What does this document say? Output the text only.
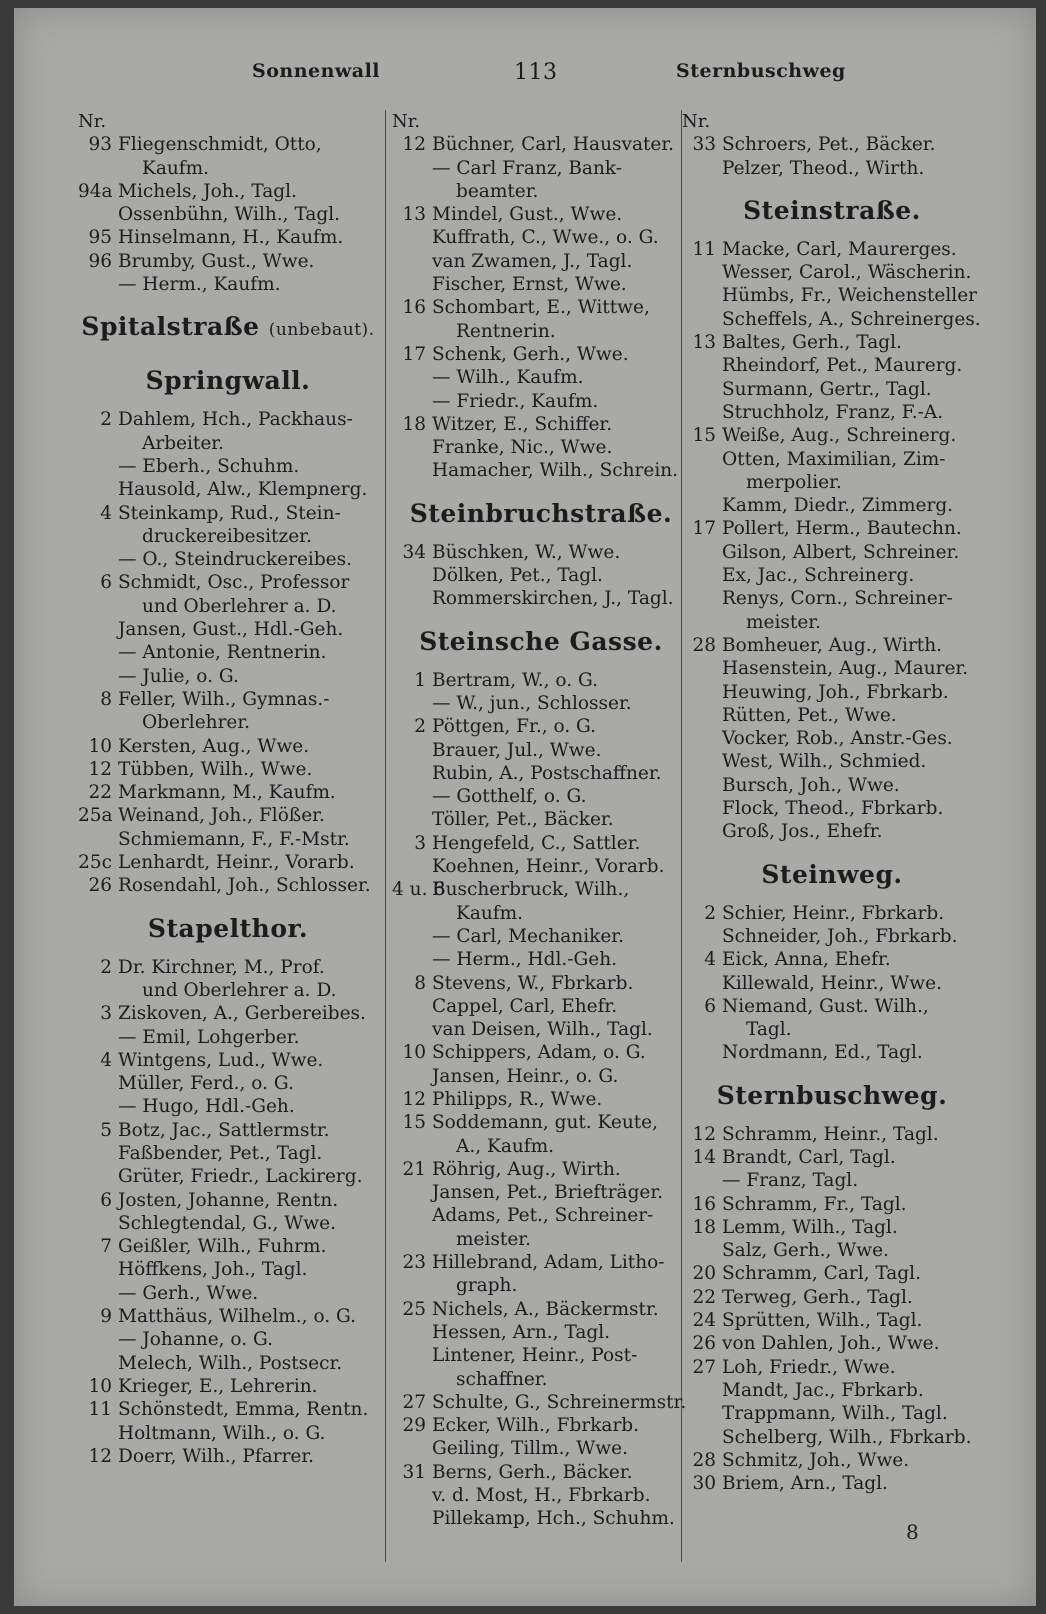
Sonnenwall	113	Sternbuschweg
Nr.
93 Fliegenschmidt, Otto,
Kaufm.
94a Michels, Joh., Tagl.
Ossenbühn, Wilh., Tagl.
95 Hinselmann, H., Kaufm.
96 Brumby, Gust., Wwe.
— Herm., Kaufm.
Spitalstraße (unbebaut).
Springwall.
2 Dahlem, Hch., Packhaus-
Arbeiter.
— Eberh., Schuhm.
Hausold, Alw., Klempnerg.
4 Steinkamp, Rud., Stein-
druckereibesitzer.
— O., Steindruckereibes.
6 Schmidt, Osc., Professor
und Oberlehrer a. D.
Jansen, Gust., Hdl.-Geh.
— Antonie, Rentnerin.
— Julie, o. G.
8 Feller, Wilh., Gymnas.-
Oberlehrer.
10 Kersten, Aug., Wwe.
12 Tübben, Wilh., Wwe.
22 Markmann, M., Kaufm.
25a Weinand, Joh., Flößer.
Schmiemann, F., F.-Mstr.
25c Lenhardt, Heinr., Vorarb.
26 Rosendahl, Joh., Schlosser.
Stapelthor.
2 Dr. Kirchner, M., Prof.
und Oberlehrer a. D.
3 Ziskoven, A., Gerbereibes.
— Emil, Lohgerber.
4 Wintgens, Lud., Wwe.
Müller, Ferd., o. G.
— Hugo, Hdl.-Geh.
5 Botz, Jac., Sattlermstr.
Faßbender, Pet., Tagl.
Grüter, Friedr., Lackirerg.
6 Josten, Johanne, Rentn.
Schlegtendal, G., Wwe.
7 Geißler, Wilh., Fuhrm.
Höffkens, Joh., Tagl.
— Gerh., Wwe.
9 Matthäus, Wilhelm., o. G.
— Johanne, o. G.
Melech, Wilh., Postsecr.
10 Krieger, E., Lehrerin.
11 Schönstedt, Emma, Rentn.
Holtmann, Wilh., o. G.
12 Doerr, Wilh., Pfarrer.
Nr.
12 Büchner, Carl, Hausvater.
— Carl Franz, Bank-
beamter.
13 Mindel, Gust., Wwe.
Kuffrath, C., Wwe., o. G.
van Zwamen, J., Tagl.
Fischer, Ernst, Wwe.
16 Schombart, E., Wittwe,
Rentnerin.
17 Schenk, Gerh., Wwe.
— Wilh., Kaufm.
— Friedr., Kaufm.
18 Witzer, E., Schiffer.
Franke, Nic., Wwe.
Hamacher, Wilh., Schrein.
Steinbruchstraße.
34 Büschken, W., Wwe.
Dölken, Pet., Tagl.
Rommerskirchen, J., Tagl.
Steinsche Gasse.
1 Bertram, W., o. G.
— W., jun., Schlosser.
2 Pöttgen, Fr., o. G.
Brauer, Jul., Wwe.
Rubin, A., Postschaffner.
— Gotthelf, o. G.
Töller, Pet., Bäcker.
3 Hengefeld, C., Sattler.
Koehnen, Heinr., Vorarb.
4 u. 6
Buscherbruck, Wilh.,
Kaufm.
— Carl, Mechaniker.
— Herm., Hdl.-Geh.
8 Stevens, W., Fbrkarb.
Cappel, Carl, Ehefr.
van Deisen, Wilh., Tagl.
10 Schippers, Adam, o. G.
Jansen, Heinr., o. G.
12 Philipps, R., Wwe.
15 Soddemann, gut. Keute,
A., Kaufm.
21 Röhrig, Aug., Wirth.
Jansen, Pet., Briefträger.
Adams, Pet., Schreiner-
meister.
23 Hillebrand, Adam, Litho-
graph.
25 Nichels, A., Bäckermstr.
Hessen, Arn., Tagl.
Lintener, Heinr., Post-
schaffner.
27 Schulte, G., Schreinermstr.
29 Ecker, Wilh., Fbrkarb.
Geiling, Tillm., Wwe.
31 Berns, Gerh., Bäcker.
v. d. Most, H., Fbrkarb.
Pillekamp, Hch., Schuhm.
Nr.
33 Schroers, Pet., Bäcker.
Pelzer, Theod., Wirth.
Steinstraße.
11 Macke, Carl, Maurerges.
Wesser, Carol., Wäscherin.
Hümbs, Fr., Weichensteller
Scheffels, A., Schreinerges.
13 Baltes, Gerh., Tagl.
Rheindorf, Pet., Maurerg.
Surmann, Gertr., Tagl.
Struchholz, Franz, F.-A.
15 Weiße, Aug., Schreinerg.
Otten, Maximilian, Zim-
merpolier.
Kamm, Diedr., Zimmerg.
17 Pollert, Herm., Bautechn.
Gilson, Albert, Schreiner.
Ex, Jac., Schreinerg.
Renys, Corn., Schreiner-
meister.
28 Bomheuer, Aug., Wirth.
Hasenstein, Aug., Maurer.
Heuwing, Joh., Fbrkarb.
Rütten, Pet., Wwe.
Vocker, Rob., Anstr.-Ges.
West, Wilh., Schmied.
Bursch, Joh., Wwe.
Flock, Theod., Fbrkarb.
Groß, Jos., Ehefr.
Steinweg.
2 Schier, Heinr., Fbrkarb.
Schneider, Joh., Fbrkarb.
4 Eick, Anna, Ehefr.
Killewald, Heinr., Wwe.
6 Niemand, Gust. Wilh.,
Tagl.
Nordmann, Ed., Tagl.
Sternbuschweg.
12 Schramm, Heinr., Tagl.
14 Brandt, Carl, Tagl.
— Franz, Tagl.
16 Schramm, Fr., Tagl.
18 Lemm, Wilh., Tagl.
Salz, Gerh., Wwe.
20 Schramm, Carl, Tagl.
22 Terweg, Gerh., Tagl.
24 Sprütten, Wilh., Tagl.
26 von Dahlen, Joh., Wwe.
27 Loh, Friedr., Wwe.
Mandt, Jac., Fbrkarb.
Trappmann, Wilh., Tagl.
Schelberg, Wilh., Fbrkarb.
28 Schmitz, Joh., Wwe.
30 Briem, Arn., Tagl.
8
